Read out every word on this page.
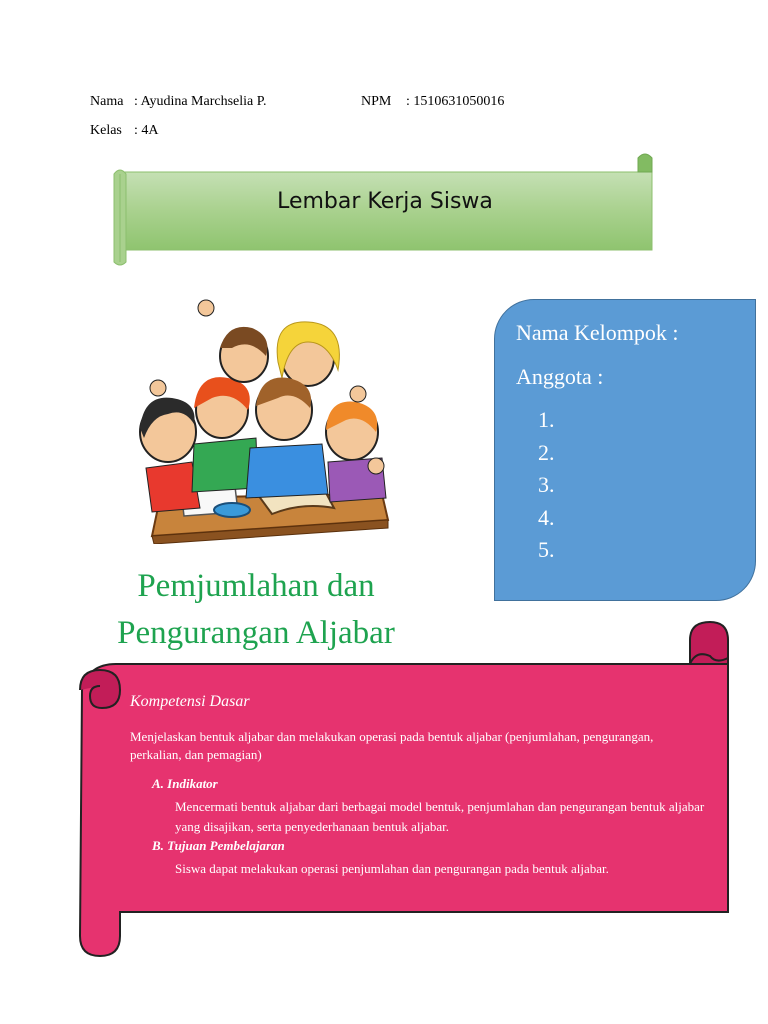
Nama : Ayudina Marchselia P.	NPM : 1510631050016
Kelas : 4A
Lembar Kerja Siswa
Nama Kelompok :
Anggota :
1.
2.
3.
4.
5.
Pemjumlahan dan
Pengurangan Aljabar
Kompetensi Dasar
Menjelaskan bentuk aljabar dan melakukan operasi pada bentuk aljabar (penjumlahan, pengurangan, perkalian, dan pemagian)
A. Indikator
Mencermati bentuk aljabar dari berbagai model bentuk, penjumlahan dan pengurangan bentuk aljabar yang disajikan, serta penyederhanaan bentuk aljabar.
B. Tujuan Pembelajaran
Siswa dapat melakukan operasi penjumlahan dan pengurangan pada bentuk aljabar.
